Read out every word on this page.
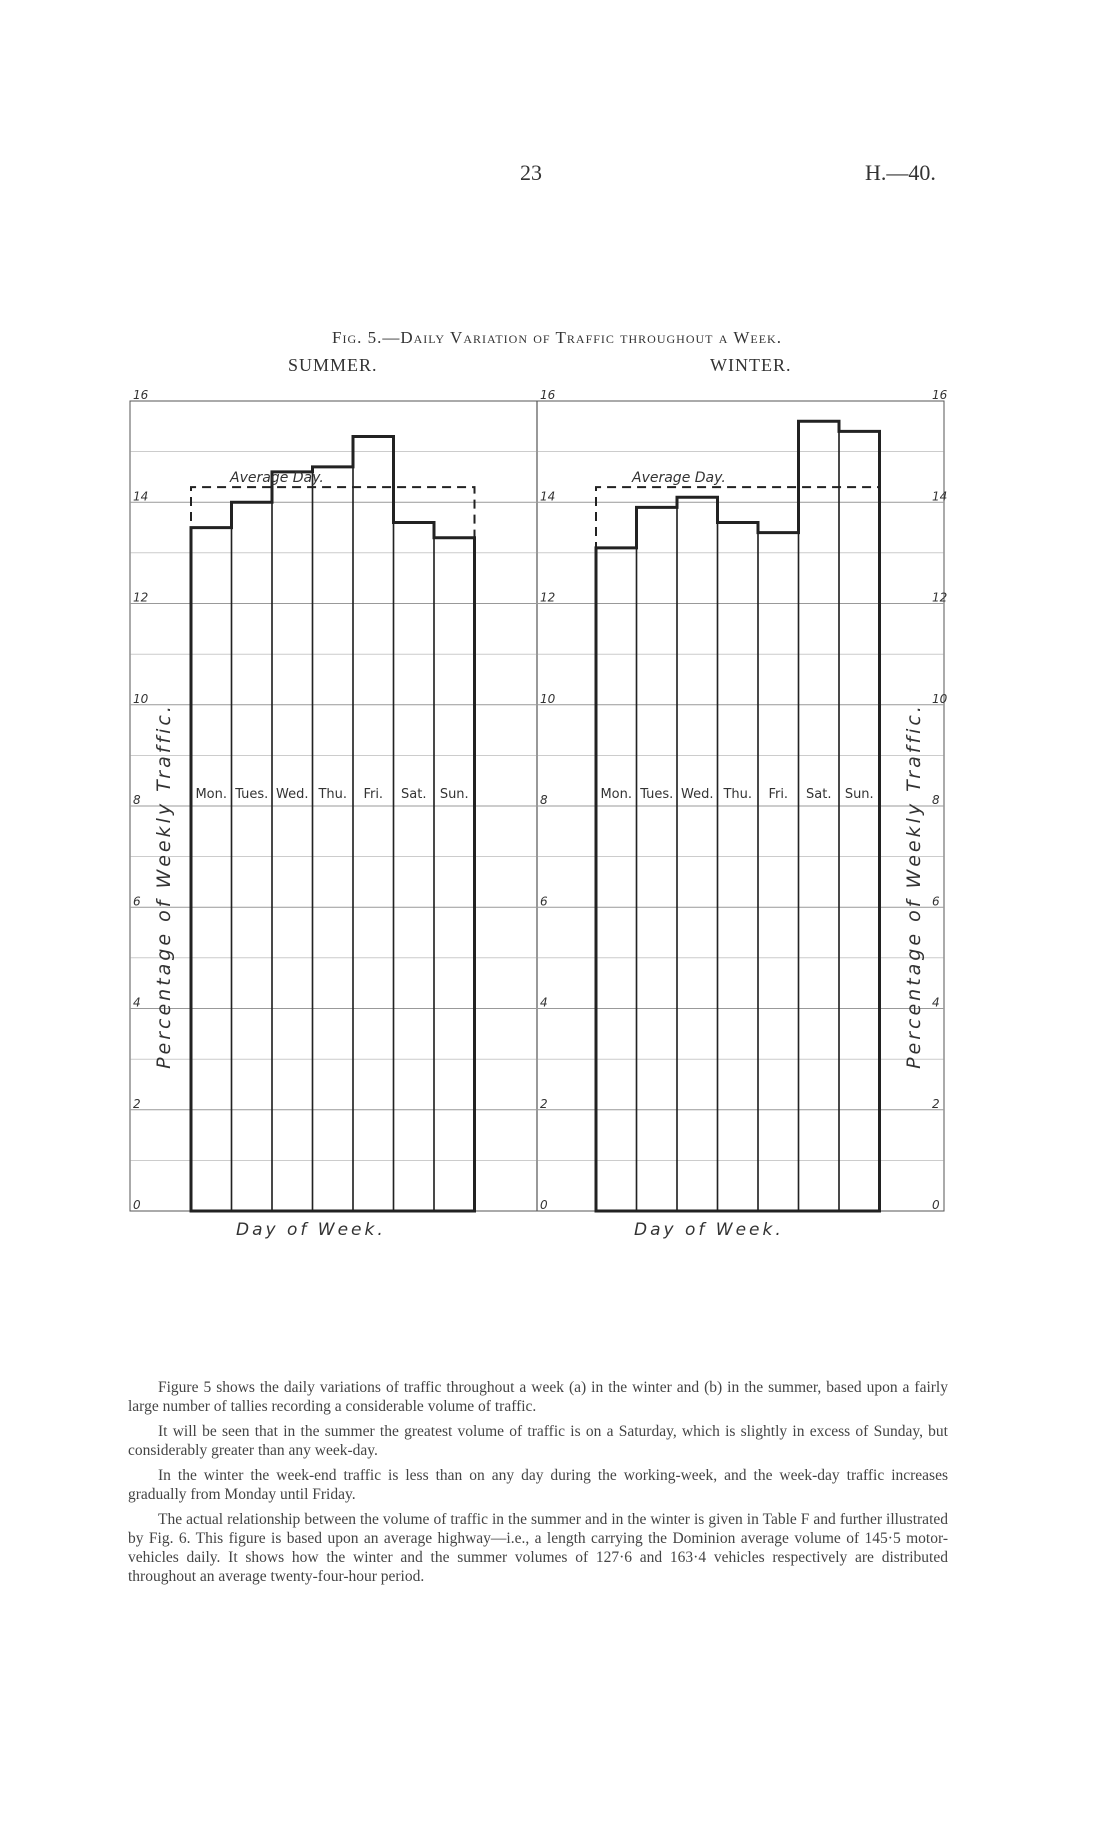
23	H.—40.
Fig. 5.—Daily Variation of Traffic throughout a Week.
SUMMER.	WINTER.
Average Day.
Mon. Tues. Wed. Thu. Fri. Sat. Sun.
Day of Week.
Average Day.
Mon. Tues. Wed. Thu. Fri. Sat. Sun.
Day of Week.
0	0	0
2	2	2
4	4	4
6	6	6
8	8	8
10	10	10
12	12	12
14	14	14
16	16	16
Percentage of Weekly Traffic.	Percentage of Weekly Traffic.

Figure 5 shows the daily variations of traffic throughout a week (a) in the winter and (b) in the summer, based upon a fairly large number of tallies recording a considerable volume of traffic.

It will be seen that in the summer the greatest volume of traffic is on a Saturday, which is slightly in excess of Sunday, but considerably greater than any week-day.

In the winter the week-end traffic is less than on any day during the working-week, and the week-day traffic increases gradually from Monday until Friday.

The actual relationship between the volume of traffic in the summer and in the winter is given in Table F and further illustrated by Fig. 6. This figure is based upon an average highway—i.e., a length carrying the Dominion average volume of 145·5 motor-vehicles daily. It shows how the winter and the summer volumes of 127·6 and 163·4 vehicles respectively are distributed throughout an average twenty-four-hour period.
